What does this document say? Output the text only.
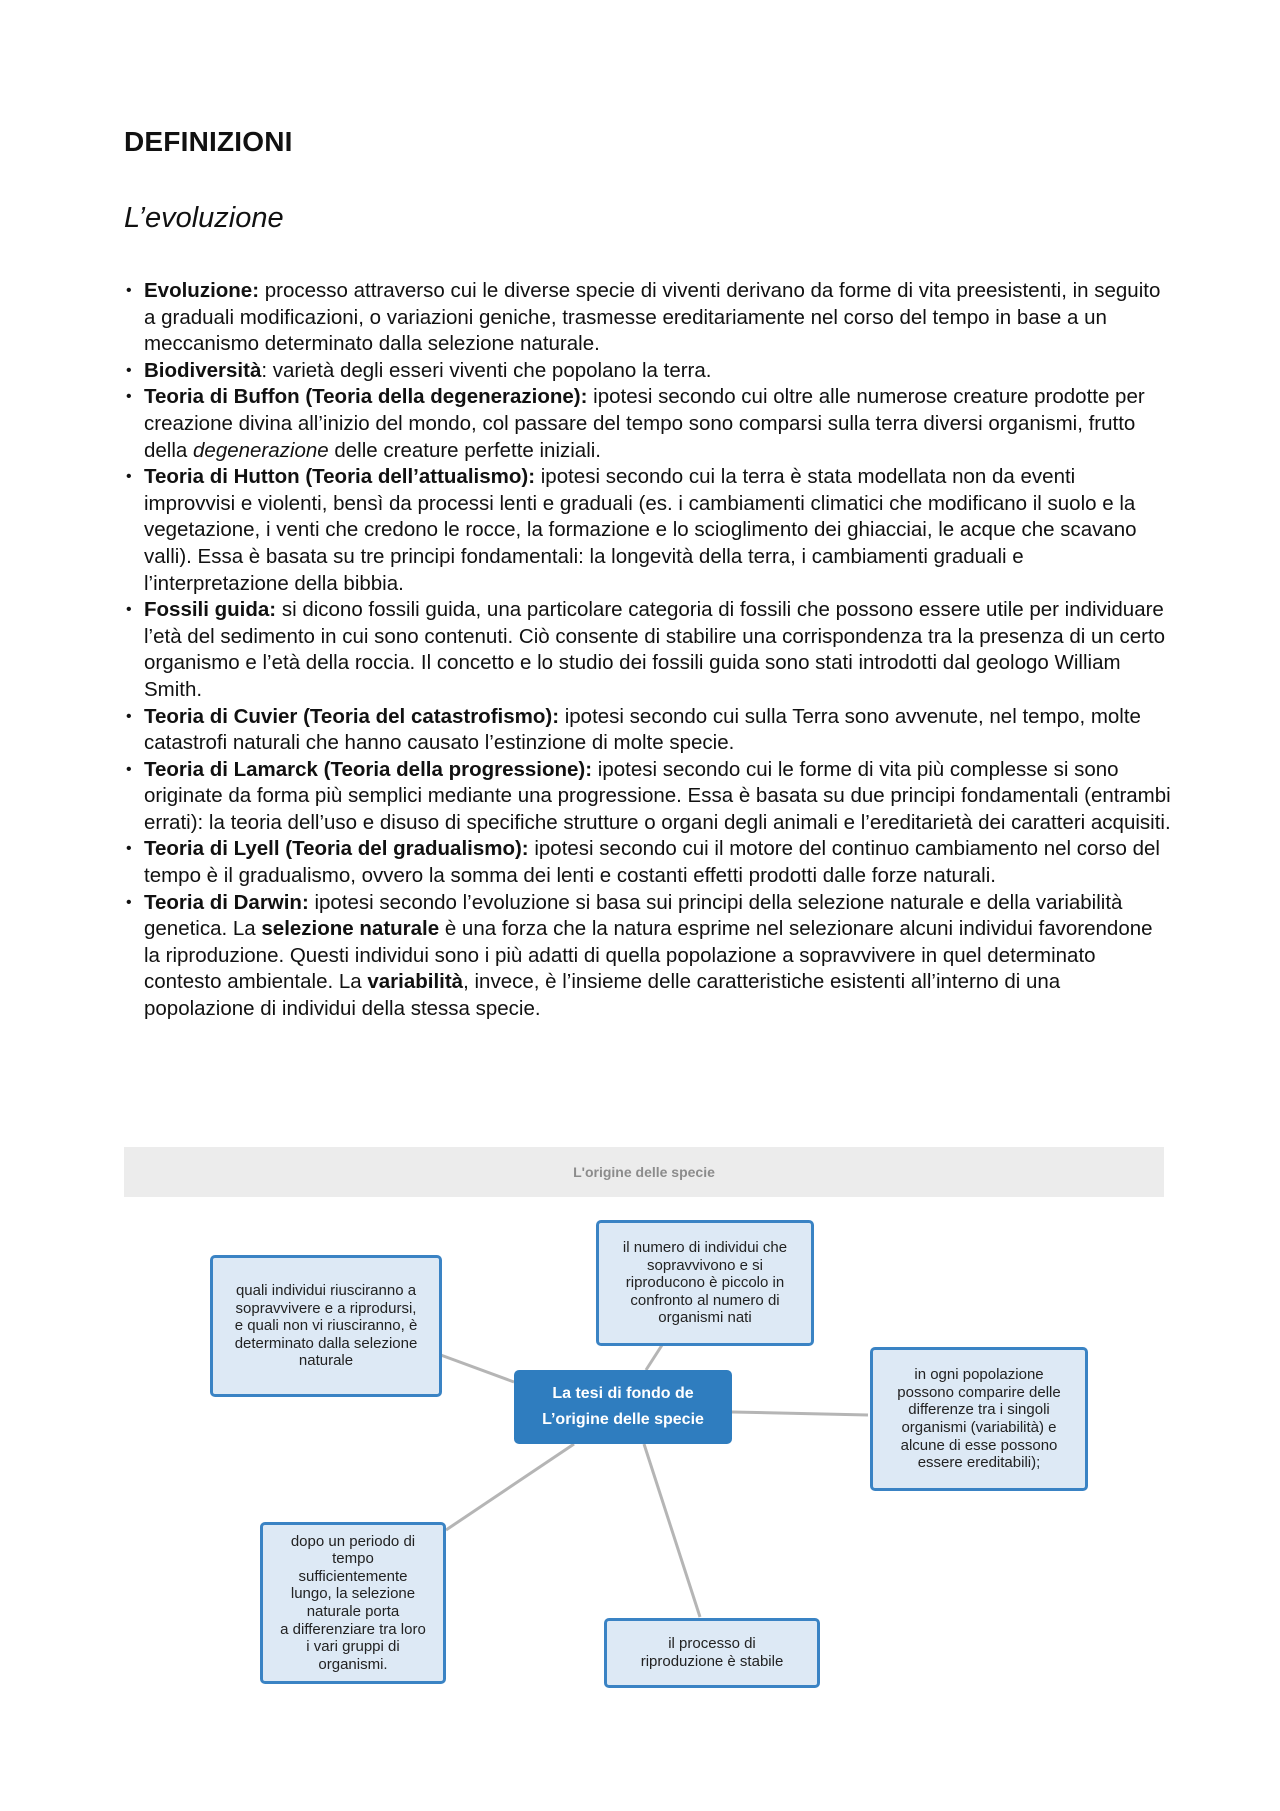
DEFINIZIONI
L’evoluzione
• Evoluzione: processo attraverso cui le diverse specie di viventi derivano da forme di vita preesistenti, in seguito a graduali modificazioni, o variazioni geniche, trasmesse ereditariamente nel corso del tempo in base a un meccanismo determinato dalla selezione naturale.
• Biodiversità: varietà degli esseri viventi che popolano la terra.
• Teoria di Buffon (Teoria della degenerazione): ipotesi secondo cui oltre alle numerose creature prodotte per creazione divina all’inizio del mondo, col passare del tempo sono comparsi sulla terra diversi organismi, frutto della degenerazione delle creature perfette iniziali.
• Teoria di Hutton (Teoria dell’attualismo): ipotesi secondo cui la terra è stata modellata non da eventi improvvisi e violenti, bensì da processi lenti e graduali (es. i cambiamenti climatici che modificano il suolo e la vegetazione, i venti che credono le rocce, la formazione e lo scioglimento dei ghiacciai, le acque che scavano valli). Essa è basata su tre principi fondamentali: la longevità della terra, i cambiamenti graduali e l’interpretazione della bibbia.
• Fossili guida: si dicono fossili guida, una particolare categoria di fossili che possono essere utile per individuare l’età del sedimento in cui sono contenuti. Ciò consente di stabilire una corrispondenza tra la presenza di un certo organismo e l’età della roccia. Il concetto e lo studio dei fossili guida sono stati introdotti dal geologo William Smith.
• Teoria di Cuvier (Teoria del catastrofismo): ipotesi secondo cui sulla Terra sono avvenute, nel tempo, molte catastrofi naturali che hanno causato l’estinzione di molte specie.
• Teoria di Lamarck (Teoria della progressione): ipotesi secondo cui le forme di vita più complesse si sono originate da forma più semplici mediante una progressione. Essa è basata su due principi fondamentali (entrambi errati): la teoria dell’uso e disuso di specifiche strutture o organi degli animali e l’ereditarietà dei caratteri acquisiti.
• Teoria di Lyell (Teoria del gradualismo): ipotesi secondo cui il motore del continuo cambiamento nel corso del tempo è il gradualismo, ovvero la somma dei lenti e costanti effetti prodotti dalle forze naturali.
• Teoria di Darwin: ipotesi secondo l’evoluzione si basa sui principi della selezione naturale e della variabilità genetica. La selezione naturale è una forza che la natura esprime nel selezionare alcuni individui favorendone la riproduzione. Questi individui sono i più adatti di quella popolazione a sopravvivere in quel determinato contesto ambientale. La variabilità, invece, è l’insieme delle caratteristiche esistenti all’interno di una popolazione di individui della stessa specie.
L'origine delle specie
quali individui riusciranno a
sopravvivere e a riprodursi,
e quali non vi riusciranno, è
determinato dalla selezione
naturale
il numero di individui che
sopravvivono e si
riproducono è piccolo in
confronto al numero di
organismi nati
in ogni popolazione
possono comparire delle
differenze tra i singoli
organismi (variabilità) e
alcune di esse possono
essere ereditabili);
dopo un periodo di
tempo
sufficientemente
lungo, la selezione
naturale porta
a differenziare tra loro
i vari gruppi di
organismi.
il processo di
riproduzione è stabile
La tesi di fondo de
L’origine delle specie
